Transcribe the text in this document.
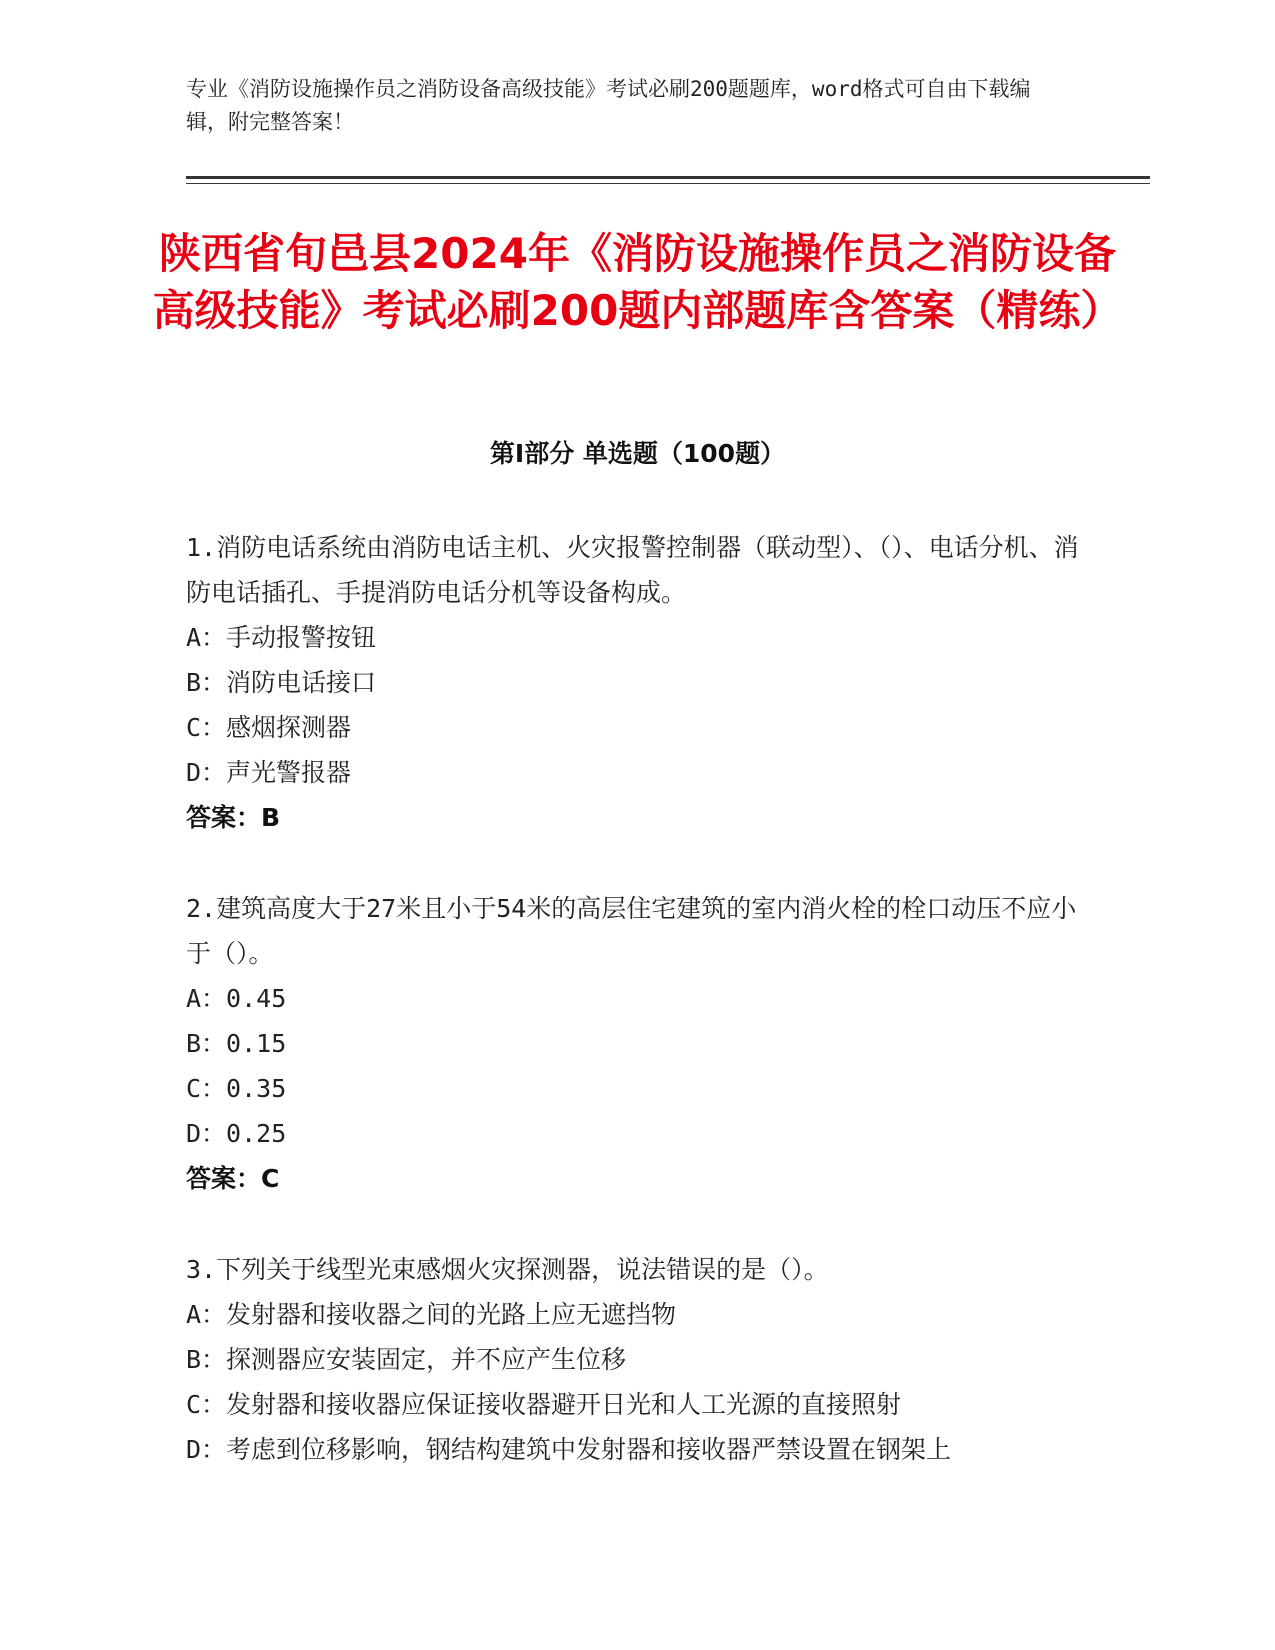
专业《消防设施操作员之消防设备高级技能》考试必刷200题题库，word格式可自由下载编辑，附完整答案！
陕西省旬邑县2024年《消防设施操作员之消防设备高级技能》考试必刷200题内部题库含答案（精练）
第Ⅰ部分 单选题（100题）

1.消防电话系统由消防电话主机、火灾报警控制器（联动型）、（）、电话分机、消防电话插孔、手提消防电话分机等设备构成。

A：手动报警按钮
B：消防电话接口
C：感烟探测器
D：声光警报器
答案：B

2.建筑高度大于27米且小于54米的高层住宅建筑的室内消火栓的栓口动压不应小于（）。

A：0.45
B：0.15
C：0.35
D：0.25
答案：C

3.下列关于线型光束感烟火灾探测器，说法错误的是（）。

A：发射器和接收器之间的光路上应无遮挡物
B：探测器应安装固定，并不应产生位移
C：发射器和接收器应保证接收器避开日光和人工光源的直接照射
D：考虑到位移影响，钢结构建筑中发射器和接收器严禁设置在钢架上
